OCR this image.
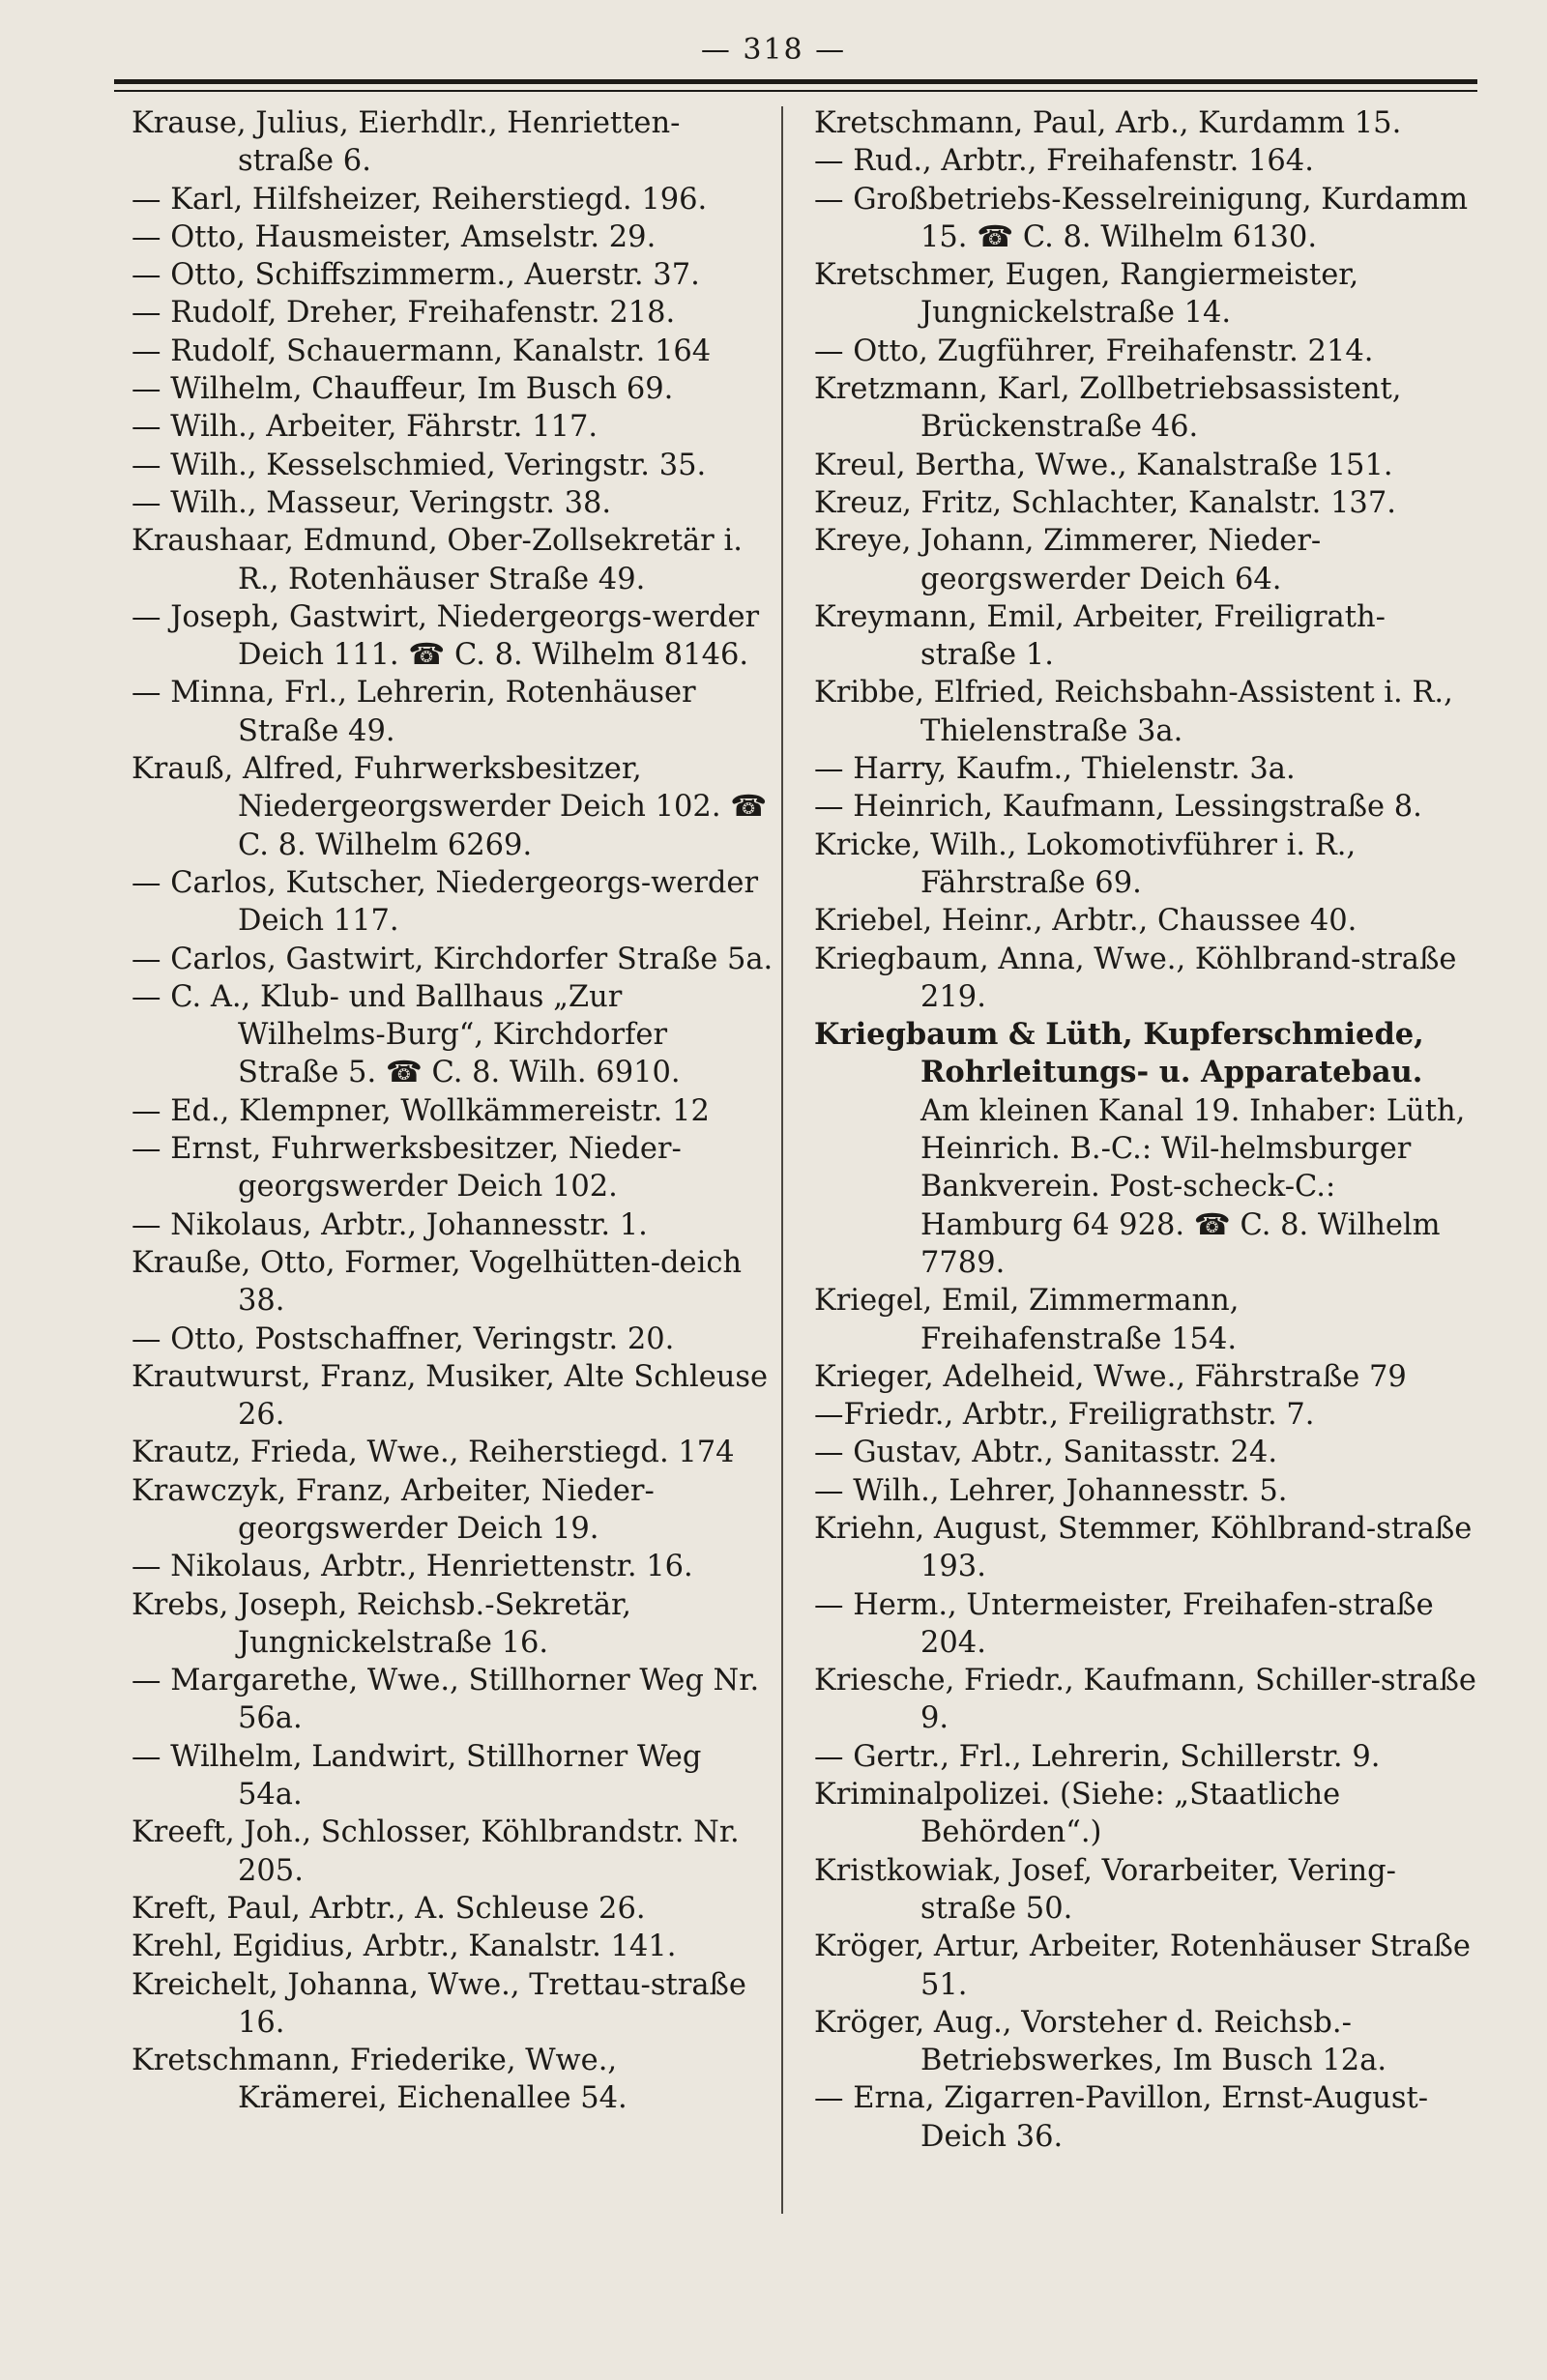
— 318 —
Krause, Julius, Eierhdlr., Henrietten-straße 6.
— Karl, Hilfsheizer, Reiherstiegd. 196.
— Otto, Hausmeister, Amselstr. 29.
— Otto, Schiffszimmerm., Auerstr. 37.
— Rudolf, Dreher, Freihafenstr. 218.
— Rudolf, Schauermann, Kanalstr. 164
— Wilhelm, Chauffeur, Im Busch 69.
— Wilh., Arbeiter, Fährstr. 117.
— Wilh., Kesselschmied, Veringstr. 35.
— Wilh., Masseur, Veringstr. 38.
Kraushaar, Edmund, Ober-Zollsekretär i. R., Rotenhäuser Straße 49.
— Joseph, Gastwirt, Niedergeorgs-werder Deich 111. ☎ C. 8. Wilhelm 8146.
— Minna, Frl., Lehrerin, Rotenhäuser Straße 49.
Krauß, Alfred, Fuhrwerksbesitzer, Niedergeorgswerder Deich 102. ☎ C. 8. Wilhelm 6269.
— Carlos, Kutscher, Niedergeorgs-werder Deich 117.
— Carlos, Gastwirt, Kirchdorfer Straße 5a.
— C. A., Klub- und Ballhaus „Zur Wilhelms-Burg“, Kirchdorfer Straße 5. ☎ C. 8. Wilh. 6910.
— Ed., Klempner, Wollkämmereistr. 12
— Ernst, Fuhrwerksbesitzer, Nieder-georgswerder Deich 102.
— Nikolaus, Arbtr., Johannesstr. 1.
Krauße, Otto, Former, Vogelhütten-deich 38.
— Otto, Postschaffner, Veringstr. 20.
Krautwurst, Franz, Musiker, Alte Schleuse 26.
Krautz, Frieda, Wwe., Reiherstiegd. 174
Krawczyk, Franz, Arbeiter, Nieder-georgswerder Deich 19.
— Nikolaus, Arbtr., Henriettenstr. 16.
Krebs, Joseph, Reichsb.-Sekretär, Jungnickelstraße 16.
— Margarethe, Wwe., Stillhorner Weg Nr. 56a.
— Wilhelm, Landwirt, Stillhorner Weg 54a.
Kreeft, Joh., Schlosser, Köhlbrandstr. Nr. 205.
Kreft, Paul, Arbtr., A. Schleuse 26.
Krehl, Egidius, Arbtr., Kanalstr. 141.
Kreichelt, Johanna, Wwe., Trettau-straße 16.
Kretschmann, Friederike, Wwe., Krämerei, Eichenallee 54.
Kretschmann, Paul, Arb., Kurdamm 15.
— Rud., Arbtr., Freihafenstr. 164.
— Großbetriebs-Kesselreinigung, Kurdamm 15. ☎ C. 8. Wilhelm 6130.
Kretschmer, Eugen, Rangiermeister, Jungnickelstraße 14.
— Otto, Zugführer, Freihafenstr. 214.
Kretzmann, Karl, Zollbetriebsassistent, Brückenstraße 46.
Kreul, Bertha, Wwe., Kanalstraße 151.
Kreuz, Fritz, Schlachter, Kanalstr. 137.
Kreye, Johann, Zimmerer, Nieder-georgswerder Deich 64.
Kreymann, Emil, Arbeiter, Freiligrath-straße 1.
Kribbe, Elfried, Reichsbahn-Assistent i. R., Thielenstraße 3a.
— Harry, Kaufm., Thielenstr. 3a.
— Heinrich, Kaufmann, Lessingstraße 8.
Kricke, Wilh., Lokomotivführer i. R., Fährstraße 69.
Kriebel, Heinr., Arbtr., Chaussee 40.
Kriegbaum, Anna, Wwe., Köhlbrand-straße 219.
Kriegbaum & Lüth, Kupferschmiede, Rohrleitungs- u. Apparatebau.
Am kleinen Kanal 19. Inhaber: Lüth, Heinrich. B.-C.: Wil-helmsburger Bankverein. Post-scheck-C.: Hamburg 64 928. ☎ C. 8. Wilhelm 7789.
Kriegel, Emil, Zimmermann, Freihafenstraße 154.
Krieger, Adelheid, Wwe., Fährstraße 79
—Friedr., Arbtr., Freiligrathstr. 7.
— Gustav, Abtr., Sanitasstr. 24.
— Wilh., Lehrer, Johannesstr. 5.
Kriehn, August, Stemmer, Köhlbrand-straße 193.
— Herm., Untermeister, Freihafen-straße 204.
Kriesche, Friedr., Kaufmann, Schiller-straße 9.
— Gertr., Frl., Lehrerin, Schillerstr. 9.
Kriminalpolizei. (Siehe: „Staatliche Behörden“.)
Kristkowiak, Josef, Vorarbeiter, Vering-straße 50.
Kröger, Artur, Arbeiter, Rotenhäuser Straße 51.
Kröger, Aug., Vorsteher d. Reichsb.-Betriebswerkes, Im Busch 12a.
— Erna, Zigarren-Pavillon, Ernst-August-Deich 36.
